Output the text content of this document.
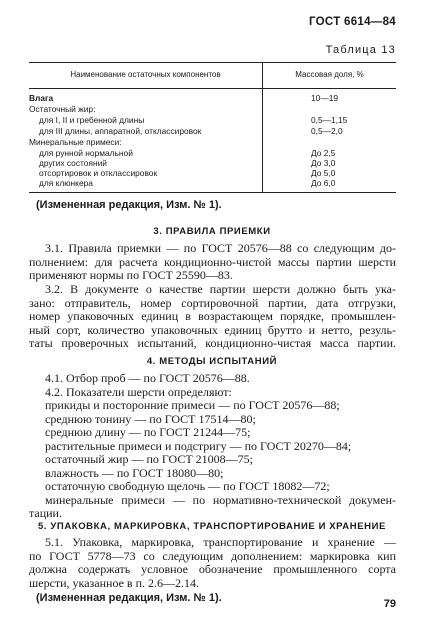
ГОСТ 6614—84
Таблица 13
Наименование остаточных компонентов	Массовая доля, %
Влага	10—19
Остаточный жир:
для I, II и гребенной длины	0,5—1,15
для III длины, аппаратной, отклассировок	0,5—2,0
Минеральные примеси:
для рунной нормальной	До 2,5
других состояний	До 3,0
отсортировок и отклассировок	До 5,0
для клюнкера	До 6,0
(Измененная редакция, Изм. № 1).
3. ПРАВИЛА ПРИЕМКИ
3.1. Правила приемки — по ГОСТ 20576—88 со следующим до-
полнением: для расчета кондиционно-чистой массы партии шерсти
применяют нормы по ГОСТ 25590—83.
3.2. В документе о качестве партии шерсти должно быть ука-
зано: отправитель, номер сортировочной партии, дата отгрузки,
номер упаковочных единиц в возрастающем порядке, промышлен-
ный сорт, количество упаковочных единиц брутто и нетто, резуль-
таты проверочных испытаний, кондиционно-чистая масса партии.
4. МЕТОДЫ ИСПЫТАНИЙ
4.1. Отбор проб — по ГОСТ 20576—88.
4.2. Показатели шерсти определяют:
прикиды и посторонние примеси — по ГОСТ 20576—88;
среднюю тонину — по ГОСТ 17514—80;
среднюю длину — по ГОСТ 21244—75;
растительные примеси и подстригу — по ГОСТ 20270—84;
остаточный жир — по ГОСТ 21008—75;
влажность — по ГОСТ 18080—80;
остаточную свободную щелочь — по ГОСТ 18082—72;
минеральные примеси — по нормативно-технической докумен-
тации.
5. УПАКОВКА, МАРКИРОВКА, ТРАНСПОРТИРОВАНИЕ И ХРАНЕНИЕ
5.1. Упаковка, маркировка, транспортирование и хранение —
по ГОСТ 5778—73 со следующим дополнением: маркировка кип
должна содержать условное обозначение промышленного сорта
шерсти, указанное в п. 2.6—2.14.
(Измененная редакция, Изм. № 1).	79
